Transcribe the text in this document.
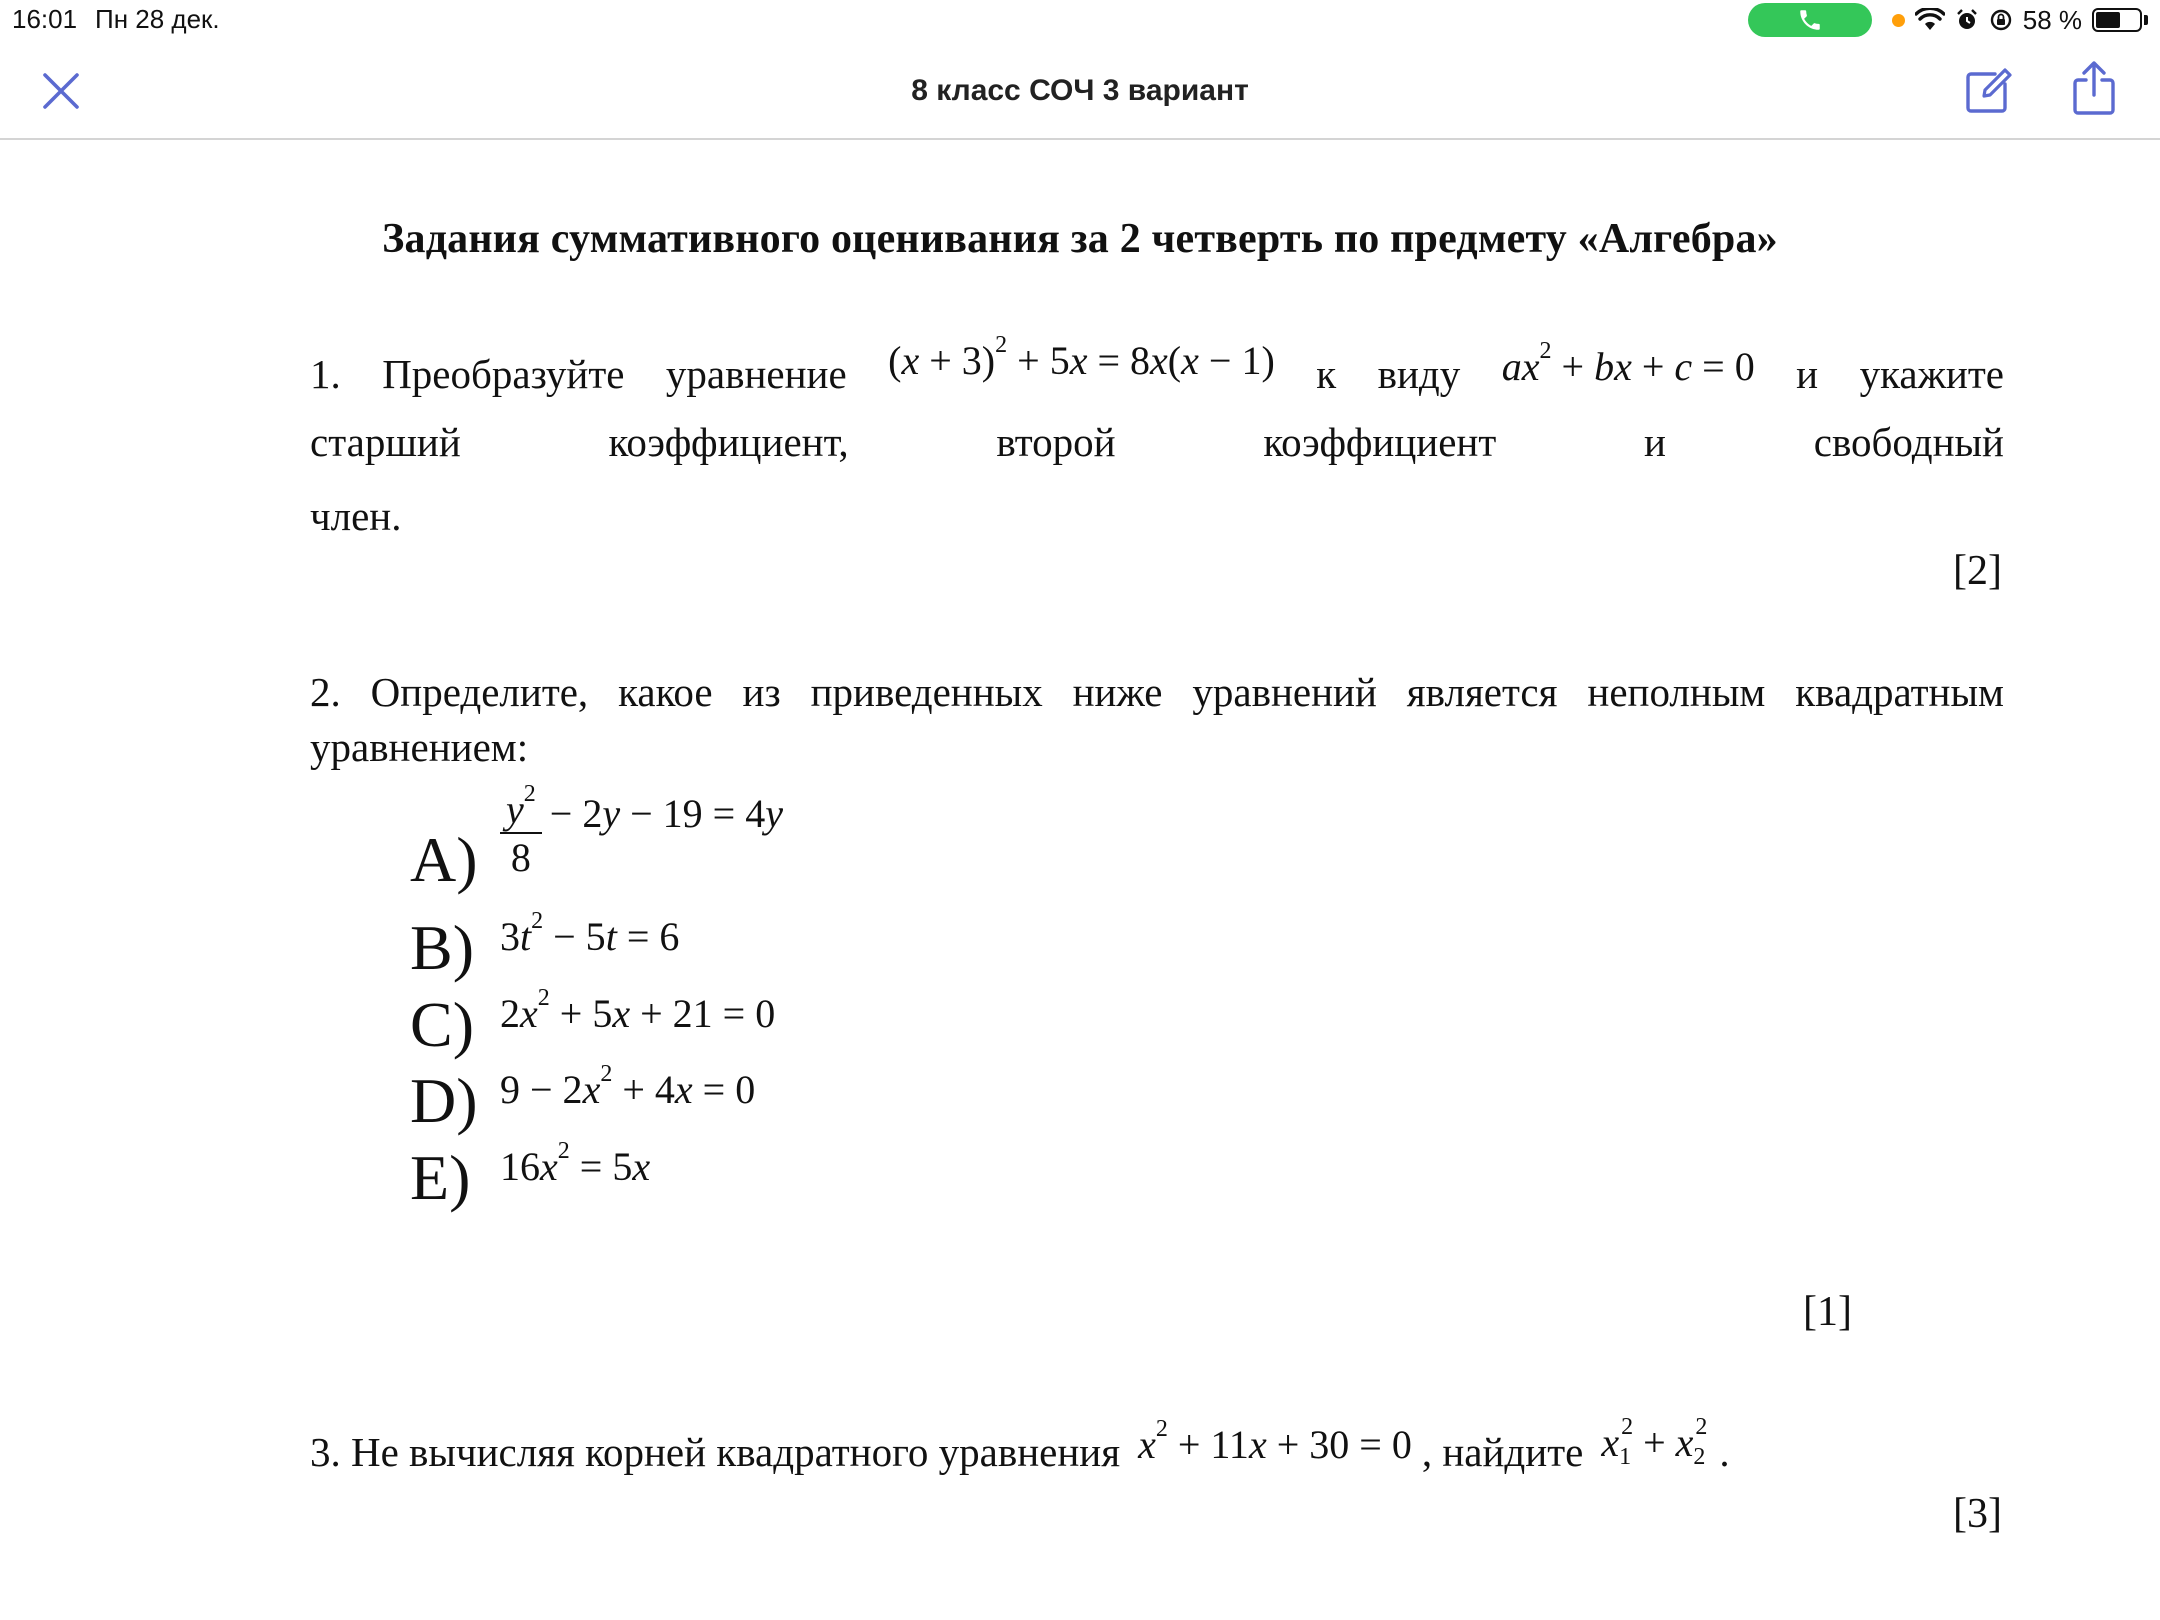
16:01 Пн 28 дек.	58 %
8 класс СОЧ 3 вариант
Задания суммативного оценивания за 2 четверть по предмету «Алгебра»
1. Преобразуйте уравнение $(x + 3)^2 + 5x = 8x(x - 1)$ к виду $ax^2$ + bx + c = 0 и укажите
старший	коэффициент,	второй	коэффициент	и	свободный
член.
[2]
2. Определите, какое из приведенных ниже уравнений является неполным квадратным
уравнением:
$A) \frac{y^2}{8} - 2y - 19 = 4y$
B) $3t^2 - 5t = 6$
C) $2x^2 + 5x + 21 = 0$
D) $9 - 2x^2 + 4x = 0$
E) $16x^2 = 5x$
[1]
3. Не вычисляя корней квадратного уравнения $x^2 + 11x + 30 = 0$ , найдите $x_1^2 + x_2^2$
.
[3]
